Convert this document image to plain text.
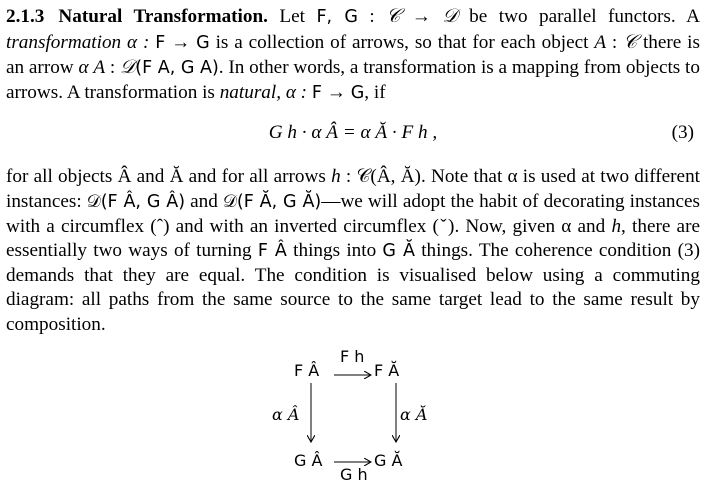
2.1.3 Natural Transformation. Let F, G : 𝒞 → 𝒟 be two parallel functors. A transformation α : F → G is a collection of arrows, so that for each object A : 𝒞 there is an arrow α A : 𝒟(F A, G A). In other words, a transformation is a mapping from objects to arrows. A transformation is natural, α : F → G, if

G h · α Â = α Ă · F h ,	(3)

for all objects Â and Ă and for all arrows h : 𝒞(Â, Ă). Note that α is used at two different instances: 𝒟(F Â, G Â) and 𝒟(F Ă, G Ă)—we will adopt the habit of decorating instances with a circumflex (ˆ) and with an inverted circumflex (ˇ). Now, given α and h, there are essentially two ways of turning F Â things into G Ă things. The coherence condition (3) demands that they are equal. The condition is visualised below using a commuting diagram: all paths from the same source to the same target lead to the same result by composition.

F Â	F Ă
G Â	G Ă
F h
G h
α Â	α Ă
